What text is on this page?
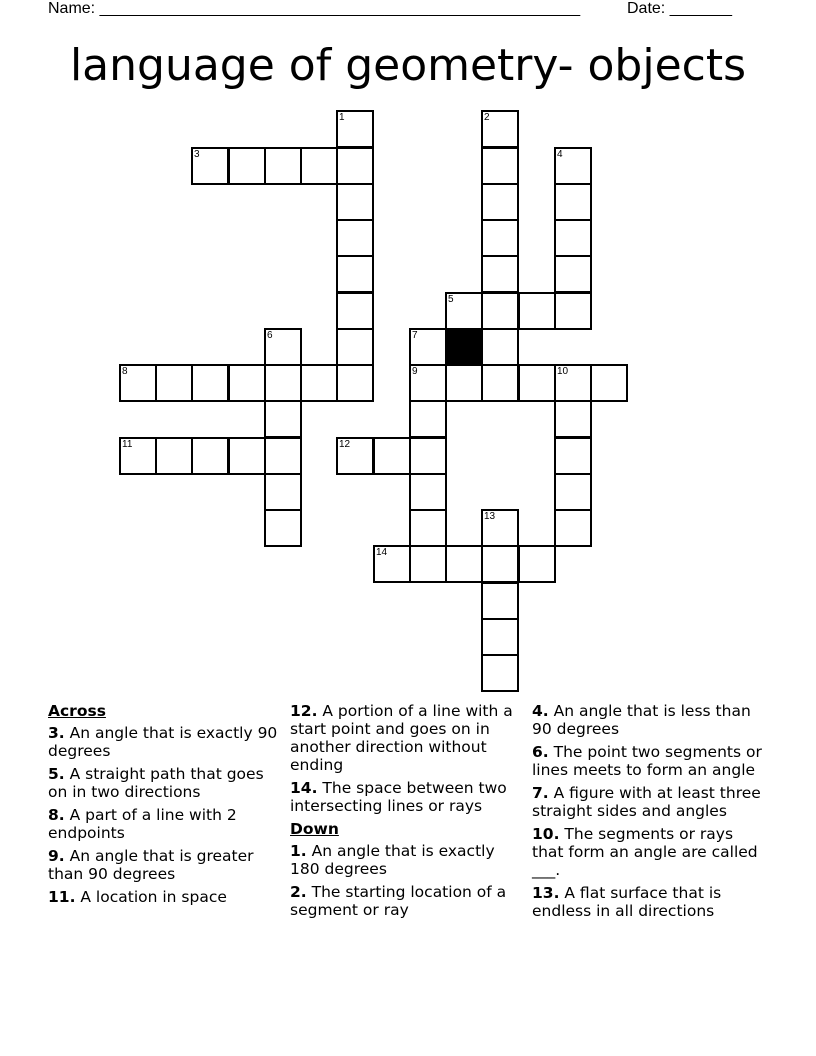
Name: ______________________________________________________	Date: _______
language of geometry- objects
1	2
3	4
5
6	7
8	9	10
11	12
13
14
Across
3. An angle that is exactly 90 degrees
5. A straight path that goes on in two directions
8. A part of a line with 2 endpoints
9. An angle that is greater than 90 degrees
11. A location in space
12. A portion of a line with a start point and goes on in another direction without ending
14. The space between two intersecting lines or rays
Down
1. An angle that is exactly 180 degrees
2. The starting location of a segment or ray
4. An angle that is less than 90 degrees
6. The point two segments or lines meets to form an angle
7. A figure with at least three straight sides and angles
10. The segments or rays that form an angle are called ___.
13. A flat surface that is endless in all directions
